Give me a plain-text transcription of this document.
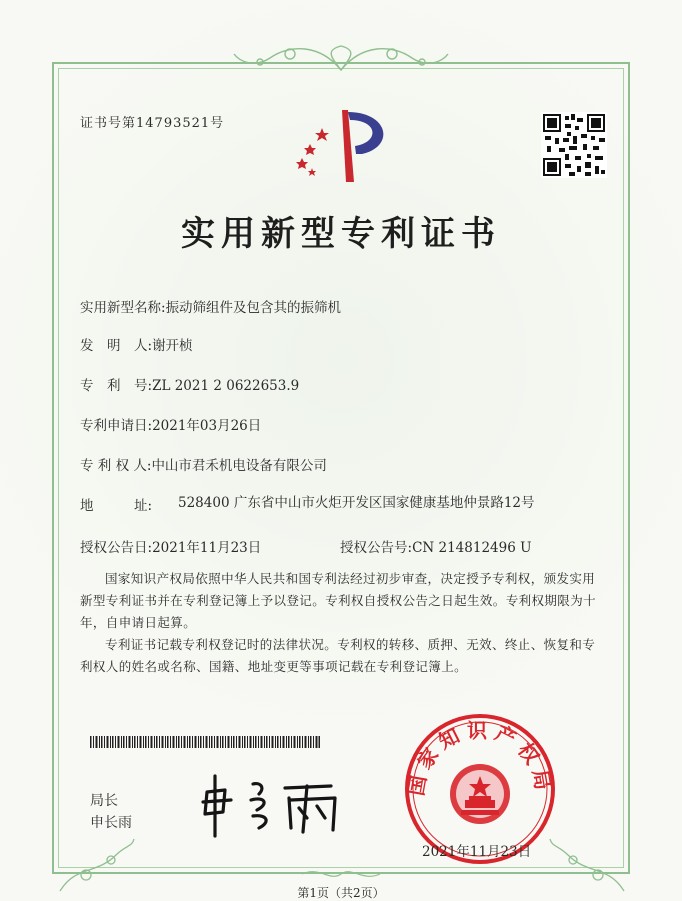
证书号第14793521号
实用新型专利证书
实用新型名称:振动筛组件及包含其的振筛机
发　明　人:谢开桢
专　利　号:ZL 2021 2 0622653.9
专利申请日:2021年03月26日
专 利 权 人:中山市君禾机电设备有限公司
地　　　址: 528400 广东省中山市火炬开发区国家健康基地仲景路12号
授权公告日:2021年11月23日	授权公告号:CN 214812496 U
国家知识产权局依照中华人民共和国专利法经过初步审查，决定授予专利权，颁发实用新型专利证书并在专利登记簿上予以登记。专利权自授权公告之日起生效。专利权期限为十年，自申请日起算。
专利证书记载专利权登记时的法律状况。专利权的转移、质押、无效、终止、恢复和专利权人的姓名或名称、国籍、地址变更等事项记载在专利登记簿上。
局长
申长雨
国家知识产权局
2021年11月23日
第1页（共2页）
